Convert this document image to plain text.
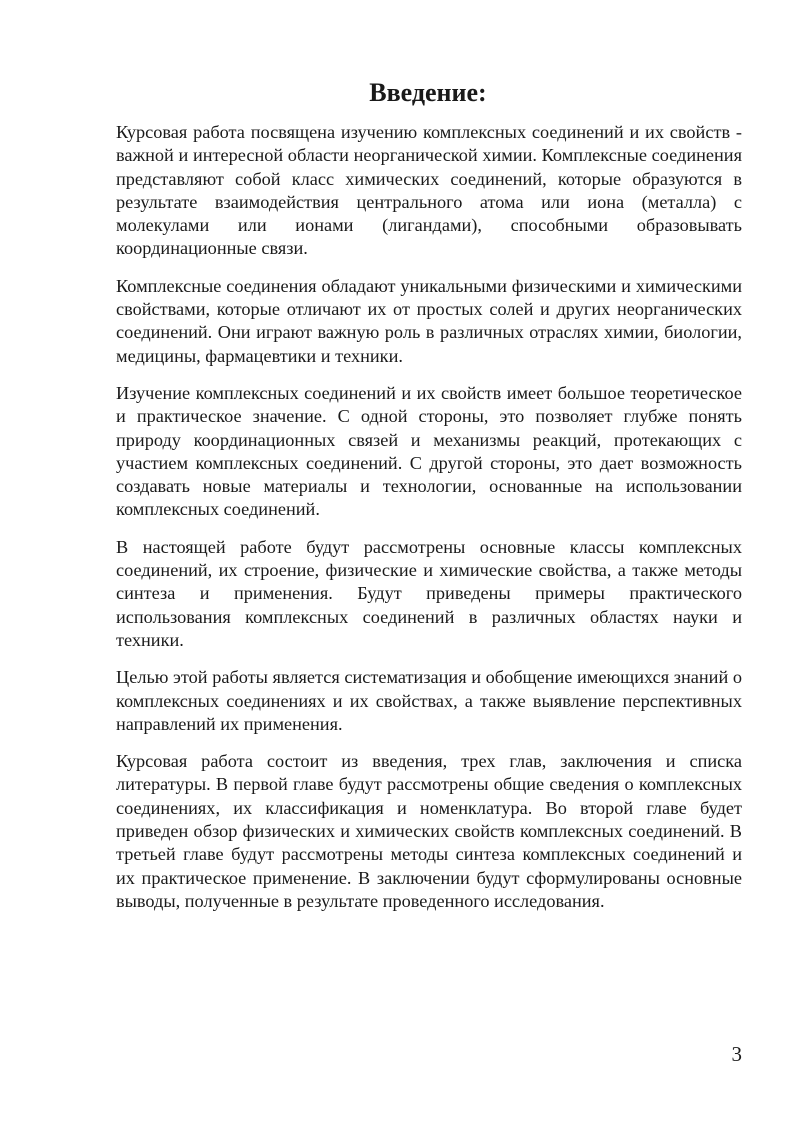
Введение:

Курсовая работа посвящена изучению комплексных соединений и их свойств - важной и интересной области неорганической химии. Комплексные соединения представляют собой класс химических соединений, которые образуются в результате взаимодействия центрального атома или иона (металла) с молекулами или ионами (лигандами), способными образовывать координационные связи.

Комплексные соединения обладают уникальными физическими и химическими свойствами, которые отличают их от простых солей и других неорганических соединений. Они играют важную роль в различных отраслях химии, биологии, медицины, фармацевтики и техники.

Изучение комплексных соединений и их свойств имеет большое теоретическое и практическое значение. С одной стороны, это позволяет глубже понять природу координационных связей и механизмы реакций, протекающих с участием комплексных соединений. С другой стороны, это дает возможность создавать новые материалы и технологии, основанные на использовании комплексных соединений.

В настоящей работе будут рассмотрены основные классы комплексных соединений, их строение, физические и химические свойства, а также методы синтеза и применения. Будут приведены примеры практического использования комплексных соединений в различных областях науки и техники.

Целью этой работы является систематизация и обобщение имеющихся знаний о комплексных соединениях и их свойствах, а также выявление перспективных направлений их применения.

Курсовая работа состоит из введения, трех глав, заключения и списка литературы. В первой главе будут рассмотрены общие сведения о комплексных соединениях, их классификация и номенклатура. Во второй главе будет приведен обзор физических и химических свойств комплексных соединений. В третьей главе будут рассмотрены методы синтеза комплексных соединений и их практическое применение. В заключении будут сформулированы основные выводы, полученные в результате проведенного исследования.

3
